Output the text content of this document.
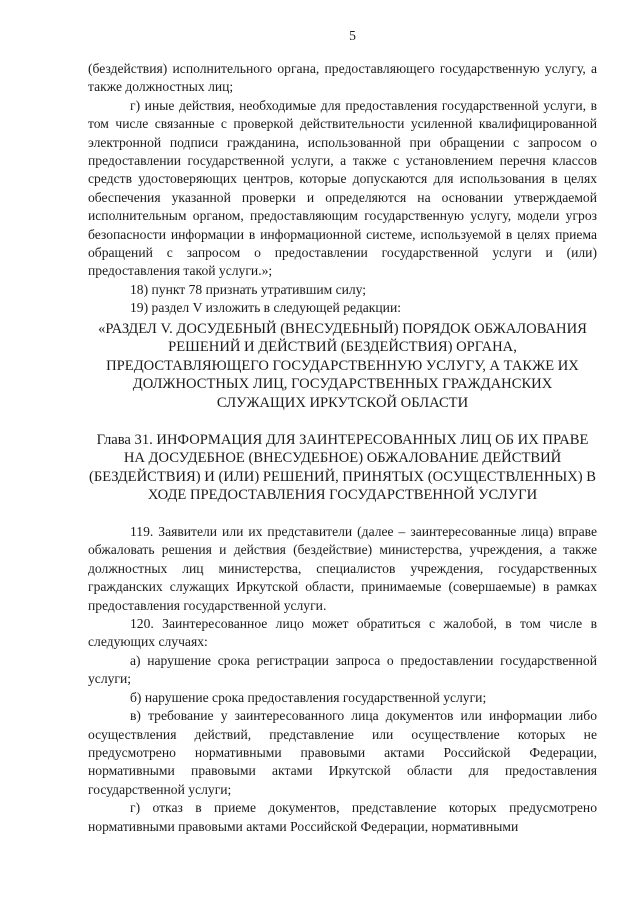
5

(бездействия) исполнительного органа, предоставляющего государственную услугу, а также должностных лиц;

г) иные действия, необходимые для предоставления государственной услуги, в том числе связанные с проверкой действительности усиленной квалифицированной электронной подписи гражданина, использованной при обращении с запросом о предоставлении государственной услуги, а также с установлением перечня классов средств удостоверяющих центров, которые допускаются для использования в целях обеспечения указанной проверки и определяются на основании утверждаемой исполнительным органом, предоставляющим государственную услугу, модели угроз безопасности информации в информационной системе, используемой в целях приема обращений с запросом о предоставлении государственной услуги и (или) предоставления такой услуги.»;

18) пункт 78 признать утратившим силу;

19) раздел V изложить в следующей редакции:

«РАЗДЕЛ V. ДОСУДЕБНЫЙ (ВНЕСУДЕБНЫЙ) ПОРЯДОК ОБЖАЛОВАНИЯ РЕШЕНИЙ И ДЕЙСТВИЙ (БЕЗДЕЙСТВИЯ) ОРГАНА, ПРЕДОСТАВЛЯЮЩЕГО ГОСУДАРСТВЕННУЮ УСЛУГУ, А ТАКЖЕ ИХ ДОЛЖНОСТНЫХ ЛИЦ, ГОСУДАРСТВЕННЫХ ГРАЖДАНСКИХ СЛУЖАЩИХ ИРКУТСКОЙ ОБЛАСТИ
Глава 31. ИНФОРМАЦИЯ ДЛЯ ЗАИНТЕРЕСОВАННЫХ ЛИЦ ОБ ИХ ПРАВЕ НА ДОСУДЕБНОЕ (ВНЕСУДЕБНОЕ) ОБЖАЛОВАНИЕ ДЕЙСТВИЙ (БЕЗДЕЙСТВИЯ) И (ИЛИ) РЕШЕНИЙ, ПРИНЯТЫХ (ОСУЩЕСТВЛЕННЫХ) В ХОДЕ ПРЕДОСТАВЛЕНИЯ ГОСУДАРСТВЕННОЙ УСЛУГИ

119. Заявители или их представители (далее – заинтересованные лица) вправе обжаловать решения и действия (бездействие) министерства, учреждения, а также должностных лиц министерства, специалистов учреждения, государственных гражданских служащих Иркутской области, принимаемые (совершаемые) в рамках предоставления государственной услуги.

120. Заинтересованное лицо может обратиться с жалобой, в том числе в следующих случаях:

а) нарушение срока регистрации запроса о предоставлении государственной услуги;

б) нарушение срока предоставления государственной услуги;

в) требование у заинтересованного лица документов или информации либо осуществления действий, представление или осуществление которых не предусмотрено нормативными правовыми актами Российской Федерации, нормативными правовыми актами Иркутской области для предоставления государственной услуги;

г) отказ в приеме документов, представление которых предусмотрено нормативными правовыми актами Российской Федерации, нормативными
